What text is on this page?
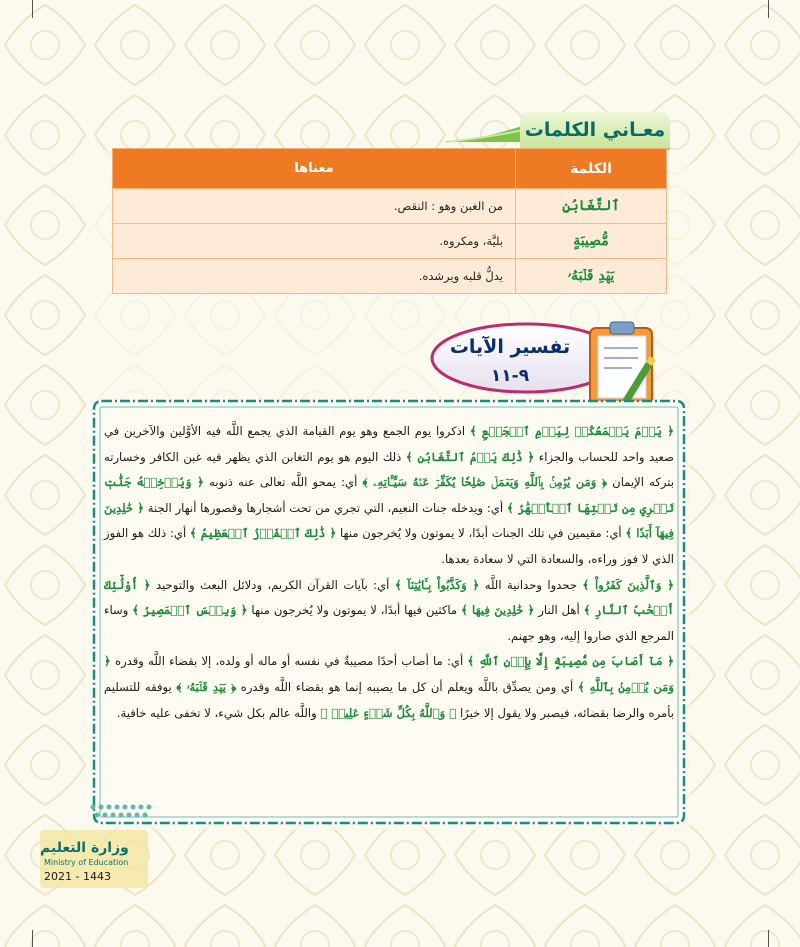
معـاني الكلمات
الكلمة	معناها
ٱلتَّغَابُنِ	من الغبن وهو : النقص.
مُّصِيبَةٍ	بليَّة، ومكروه.
يَهۡدِ قَلۡبَهُۥ	يدلُّ قلبه ويرشده.
تفسير الآيات
٩-١١

﴿ يَوۡمَ يَجۡمَعُكُمۡ لِيَوۡمِ ٱلۡجَمۡعِ ﴾ اذكروا يوم الجمع وهو يوم القيامة الذي يجمع اللَّه فيه الأوَّلين والآخرين في صعيد واحد للحساب والجزاء ﴿ ذَٰلِكَ يَوۡمُ ٱلتَّغَابُنِ ﴾ ذلك اليوم هو يوم التغابن الذي يظهر فيه غبن الكافر وخسارته بتركه الإيمان ﴿ وَمَن يُؤۡمِنۢ بِٱللَّهِ وَيَعۡمَلۡ صَٰلِحٗا يُكَفِّرۡ عَنۡهُ سَيِّـَٔاتِهِۦ ﴾ أي: يمحو اللَّه تعالى عنه ذنوبه ﴿ وَيُدۡخِلۡهُ جَنَّٰتٖ تَجۡرِي مِن تَحۡتِهَا ٱلۡأَنۡهَٰرُ ﴾ أي: ويدخله جنات النعيم، التي تجري من تحت أشجارها وقصورها أنهار الجنة ﴿ خَٰلِدِينَ فِيهَآ أَبَدٗا ﴾ أي: مقيمين في تلك الجنات أبدًا، لا يموتون ولا يُخرجون منها ﴿ ذَٰلِكَ ٱلۡفَوۡزُ ٱلۡعَظِيمُ ﴾ أي: ذلك هو الفوز الذي لا فوز وراءه، والسعادة التي لا سعادة بعدها.

﴿ وَٱلَّذِينَ كَفَرُواْ ﴾ جحدوا وحدانية اللَّه ﴿ وَكَذَّبُواْ بِـَٔايَٰتِنَآ ﴾ أي: بآيات القرآن الكريم، ودلائل البعث والتوحيد ﴿ أُوْلَٰٓئِكَ أَصۡحَٰبُ ٱلنَّارِ ﴾ أهل النار ﴿ خَٰلِدِينَ فِيهَا ﴾ ماكثين فيها أبدًا، لا يموتون ولا يُخرجون منها ﴿ وَبِئۡسَ ٱلۡمَصِيرُ ﴾ وساء المرجع الذي صاروا إليه، وهو جهنم.

﴿ مَآ أَصَابَ مِن مُّصِيبَةٍ إِلَّا بِإِذۡنِ ٱللَّهِ ﴾ أي: ما أصاب أحدًا مصيبةٌ في نفسه أو ماله أو ولده، إلا بقضاء اللَّه وقدره ﴿ وَمَن يُؤۡمِنۢ بِٱللَّهِ ﴾ أي ومن يصدِّق باللَّه ويعلم أن كل ما يصيبه إنما هو بقضاء اللَّه وقدره ﴿ يَهۡدِ قَلۡبَهُۥ ﴾ يوفقه للتسليم بأمره والرضا بقضائه، فيصبر ولا يقول إلا خيرًا ﴿ وَٱللَّهُ بِكُلِّ شَيۡءٍ عَلِيمٞ ﴾ واللَّه عالم بكل شيء، لا تخفى عليه خافية.

وزارة التعليم
Ministry of Education
2021 - 1443
